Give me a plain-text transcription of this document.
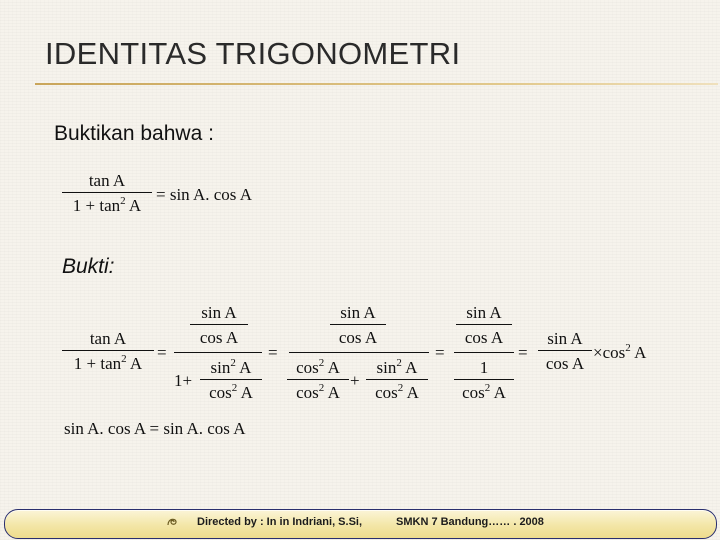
IDENTITAS TRIGONOMETRI
Buktikan bahwa :
tan A
$1 + \tan^2 A$
= sin A. cos A
Bukti:
tan A
$1 + \tan^2 A$
=
sin A
cos A
1+
$\sin^2 A$
$\cos^2 A$
=
sin A
cos A
$\cos^2 A$
$\cos^2 A$
+
$\sin^2 A$
$\cos^2 A$
=
sin A
cos A
1
$\cos^2 A$
=
sin A
cos A
$\times\cos^2$ A
sin A. cos A = sin A. cos A
Directed by : In in Indriani, S.Si,	SMKN 7 Bandung…… . 2008
